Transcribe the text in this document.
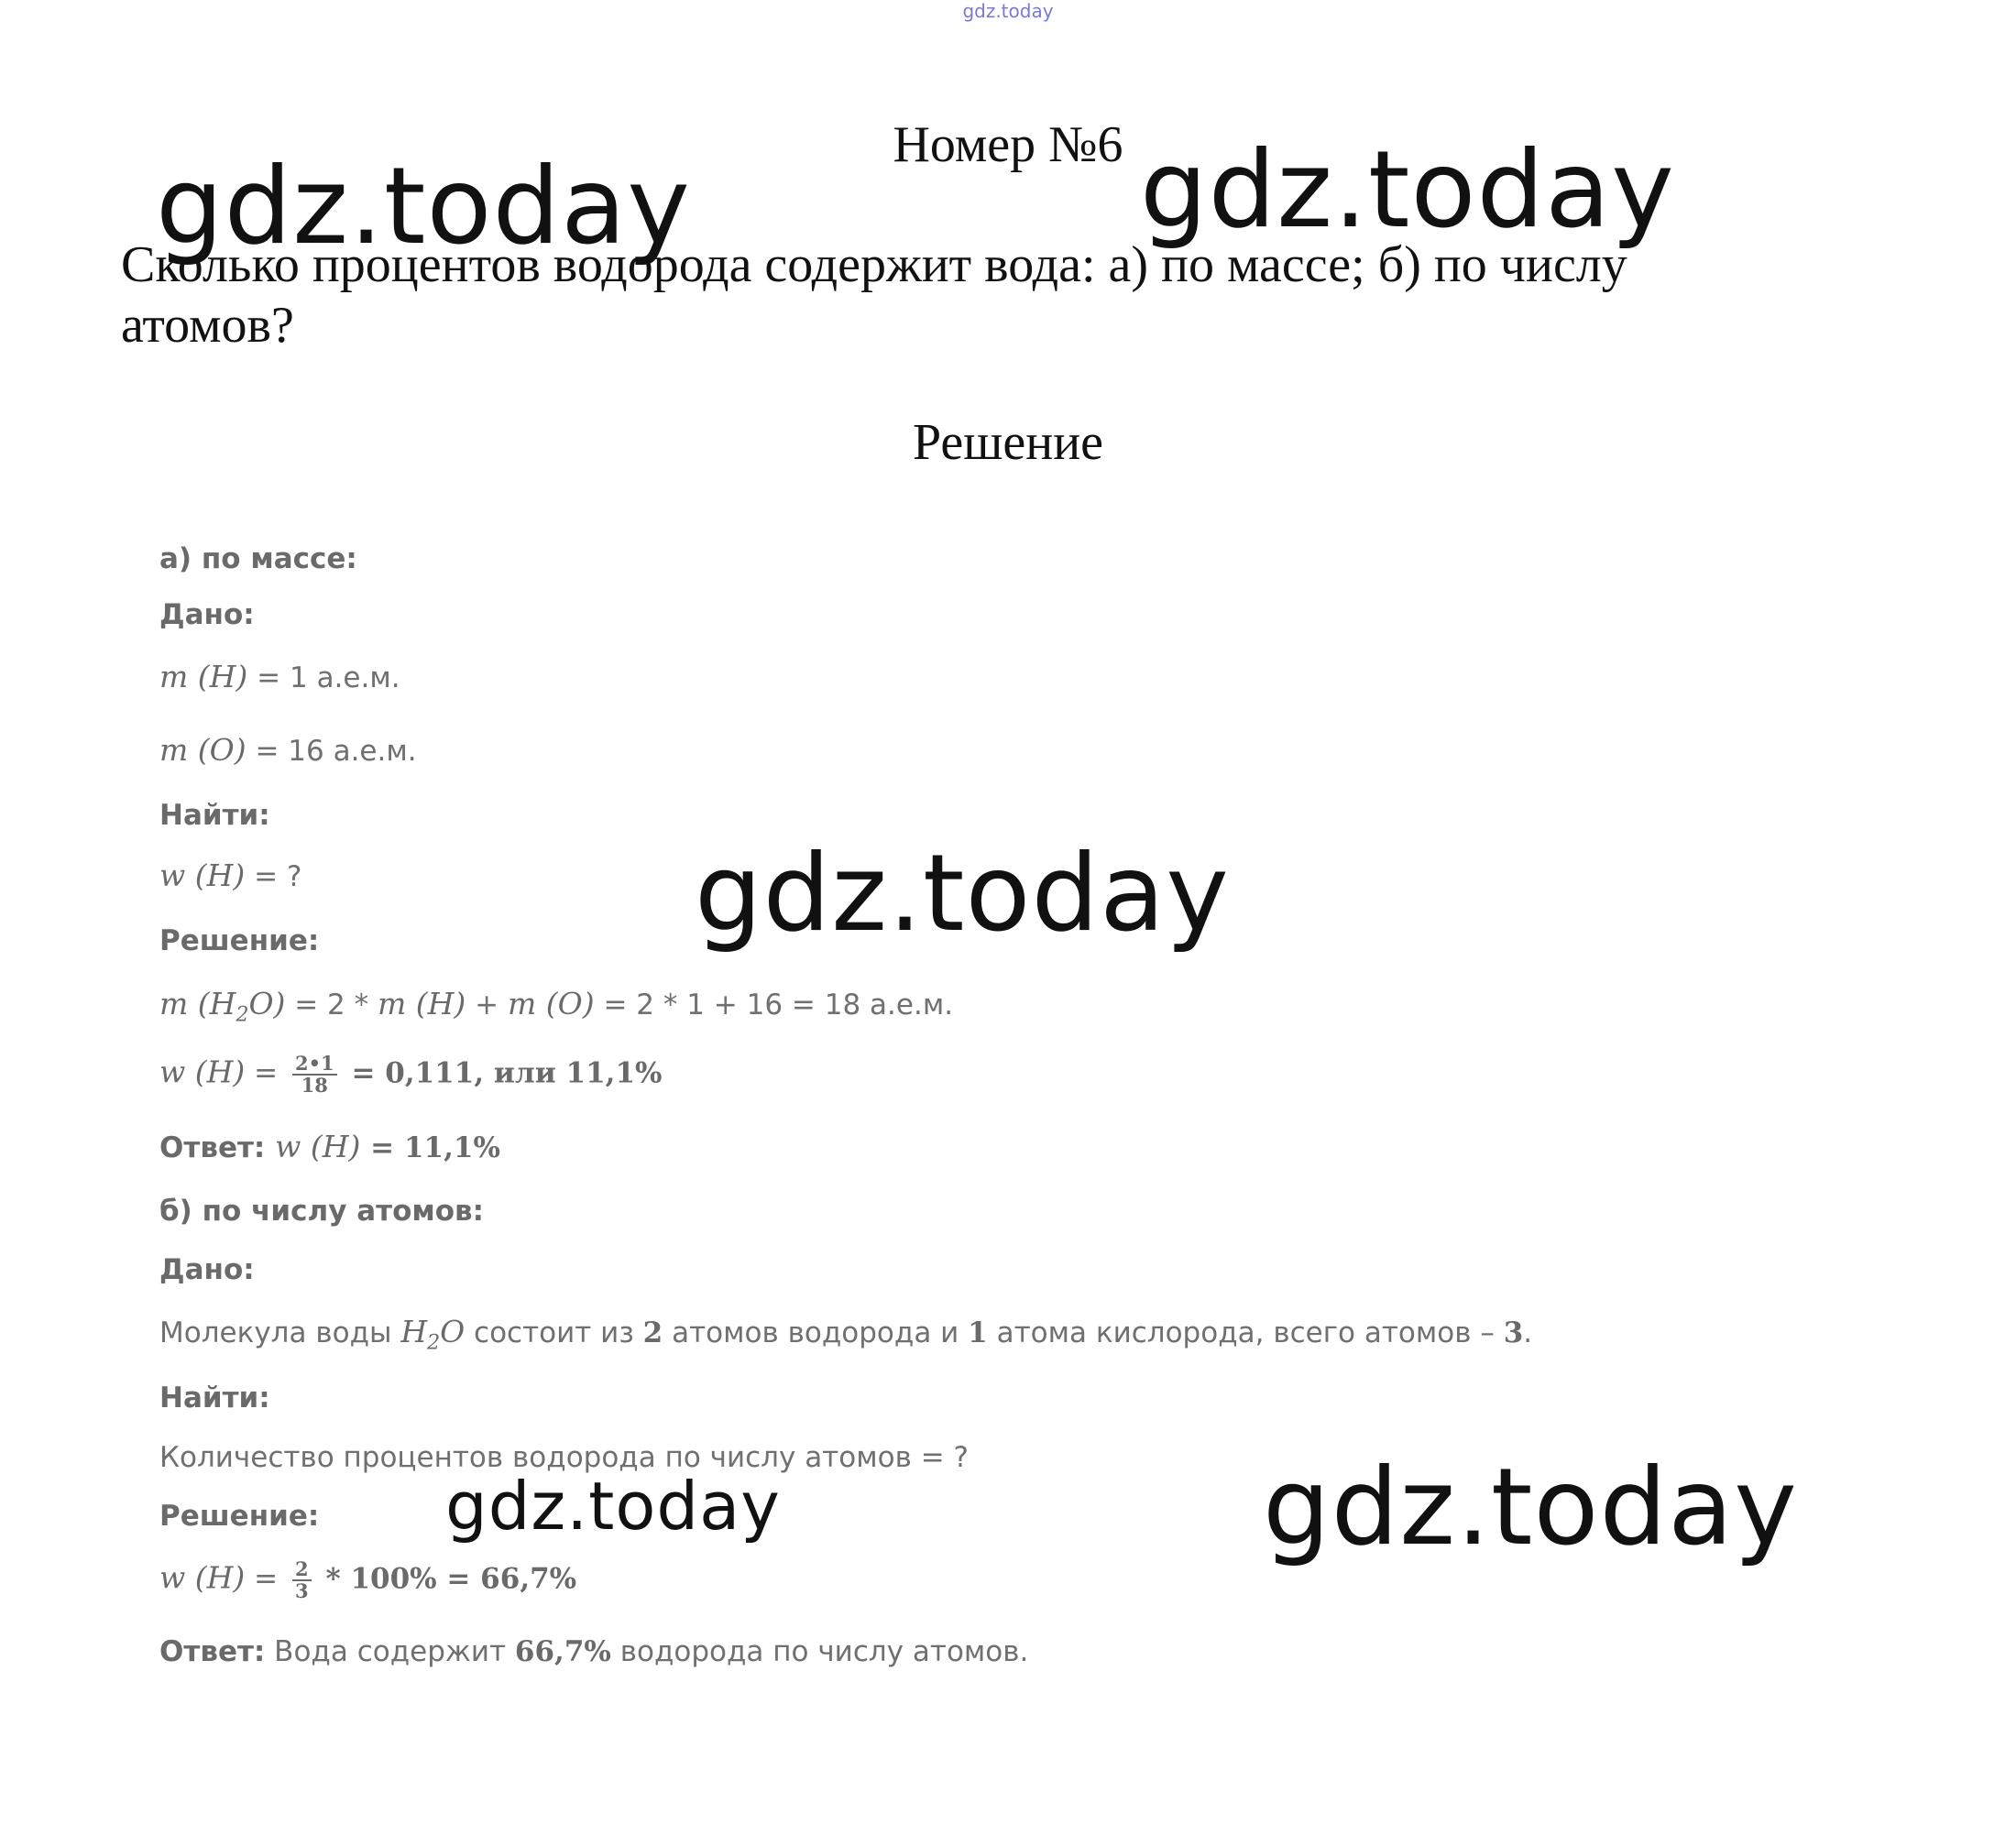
gdz.today
Номер №6
Сколько процентов водорода содержит вода: а) по массе; б) по числу
атомов?
Решение
а) по массе:
Дано:
m (H) = 1 а.е.м.
m (O) = 16 а.е.м.
Найти:
w (H) = ?
Решение:
m $(H_2O) = 2 * m$ (H) + m (O) = 2 * 1 + 16 = 18 а.е.м.
w $(H) = \frac{2•1}{18} = 0,111$, или 11,1%
Ответ: w (H) = 11,1%
б) по числу атомов:
Дано:
Молекула воды $H_2O$ состоит из 2 атомов водорода и 1 атома кислорода, всего атомов – 3.
Найти:
Количество процентов водорода по числу атомов = ?
Решение:
w $(H) = \frac{2}{3} * 100\% = 66,7\%$
Ответ: Вода содержит 66,7% водорода по числу атомов.
gdz.today	gdz.today
gdz.today
gdz.today	gdz.today
